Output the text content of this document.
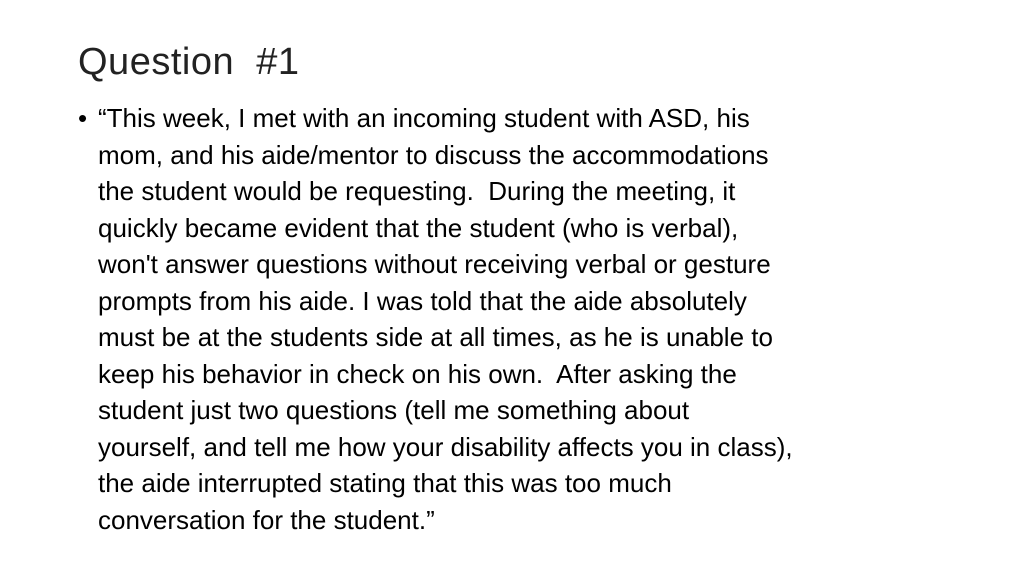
Question  #1
• “This week, I met with an incoming student with ASD, his
mom, and his aide/mentor to discuss the accommodations
the student would be requesting.  During the meeting, it
quickly became evident that the student (who is verbal),
won't answer questions without receiving verbal or gesture
prompts from his aide. I was told that the aide absolutely
must be at the students side at all times, as he is unable to
keep his behavior in check on his own.  After asking the
student just two questions (tell me something about
yourself, and tell me how your disability affects you in class),
the aide interrupted stating that this was too much
conversation for the student.”
